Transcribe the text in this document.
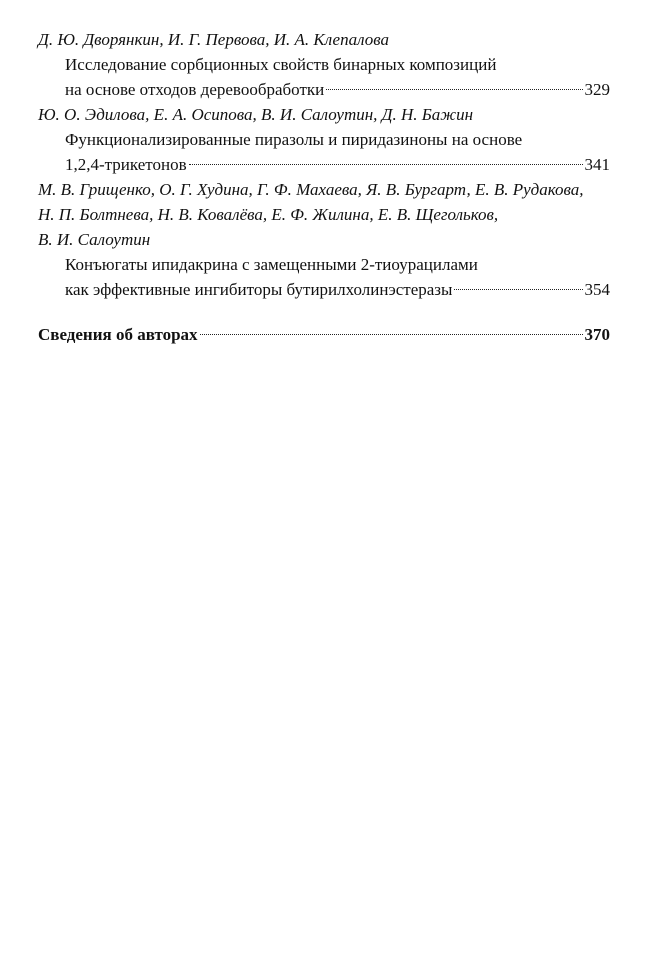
Д. Ю. Дворянкин, И. Г. Первова, И. А. Клепалова
Исследование сорбционных свойств бинарных композиций
на основе отходов деревообработки	329
Ю. О. Эдилова, Е. А. Осипова, В. И. Салоутин, Д. Н. Бажин
Функционализированные пиразолы и пиридазиноны на основе
1,2,4-трикетонов	341
М. В. Грищенко, О. Г. Худина, Г. Ф. Махаева, Я. В. Бургарт, Е. В. Рудакова,
Н. П. Болтнева, Н. В. Ковалёва, Е. Ф. Жилина, Е. В. Щегольков,
В. И. Салоутин
Конъюгаты ипидакрина с замещенными 2-тиоурацилами
как эффективные ингибиторы бутирилхолинэстеразы	354
Сведения об авторах	370
